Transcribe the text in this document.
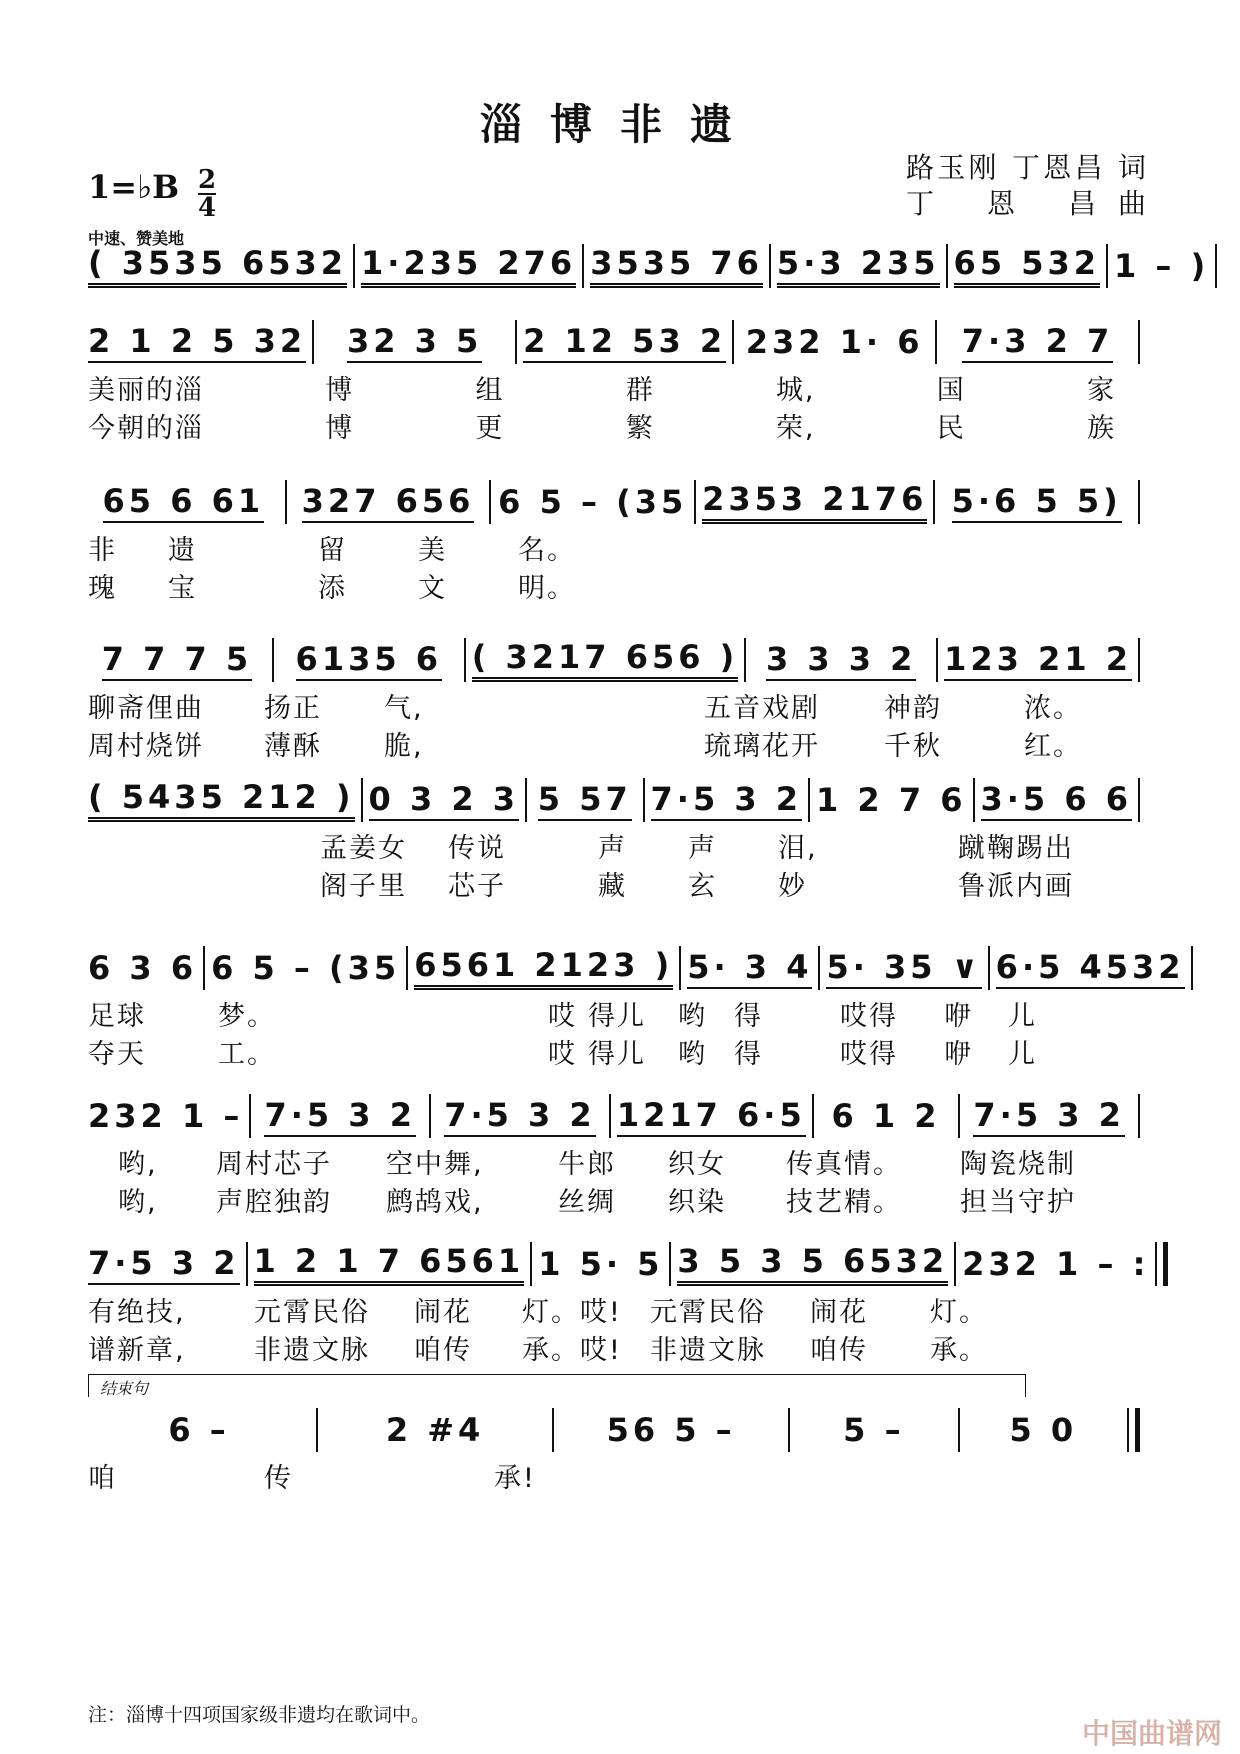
淄博非遗
路玉刚 丁恩昌 词
丁 恩 昌曲
1=♭B 2
4
中速、赞美地
( 3535 6532 1·235 276 3535 76 5·3 235 65 532 1 – )
2 1 2 5 32 32 3 5 2 12 53 2 232 1· 6 7·3 2 7
美丽的淄	博	组	群	城,	国	家
今朝的淄	博	更	繁	荣,	民	族
65 6 61 327 656 6 5 – (35 2353 2176 5·6 5 5)
非	遗	留	美	名。
瑰	宝	添	文	明。
7 7 7 5 6135 6 ( 3217 656 ) 3 3 3 2 123 21 2
聊斋俚曲	扬正	气,	五音戏剧	神韵	浓。
周村烧饼	薄酥	脆,	琉璃花开	千秋	红。
( 5435 212 ) 0 3 2 3 5 57 7·5 3 2 1 2 7 6 3·5 6 6
孟姜女	传说	声	声	泪,	蹴鞠踢出
阁子里	芯子	藏	玄	妙	鲁派内画
6 3 6 6 5 – (35 6561 2123 ) 5· 3 4 5· 35 ∨ 6·5 4532
足球	梦。	哎 得儿	哟	得	哎得	咿	儿
夺天	工。	哎 得儿	哟	得	哎得	咿	儿
232 1 – 7·5 3 2 7·5 3 2 1217 6·5 6 1 2 7·5 3 2
哟,	周村芯子	空中舞,	牛郎	织女	传真情。	陶瓷烧制
哟,	声腔独韵	鹧鸪戏,	丝绸	织染	技艺精。	担当守护
7·5 3 2 1 2 1 7 6561 1 5· 5 3 5 3 5 6532 232 1 – :
有绝技,	元霄民俗	闹花	灯。哎!	元霄民俗	闹花	灯。
谱新章,	非遗文脉	咱传	承。哎!	非遗文脉	咱传	承。
结束句
6 –	2 #4	56 5 –	5 –	5 0
咱	传	承!
注：淄博十四项国家级非遗均在歌词中。
中国曲谱网
